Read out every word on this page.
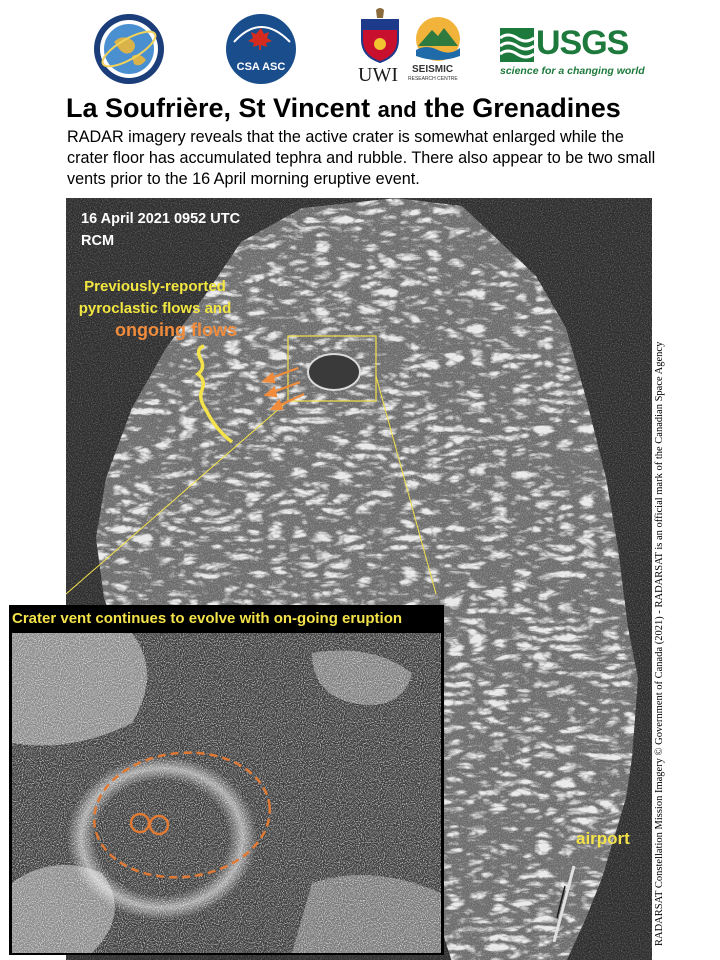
CSA ASC	UWI SEISMIC
RESEARCH CENTRE
USGS
science for a changing world
La Soufrière, St Vincent and the Grenadines
RADAR imagery reveals that the active crater is somewhat enlarged while the crater floor has accumulated tephra and rubble. There also appear to be two small vents prior to the 16 April morning eruptive event.
16 April 2021 0952 UTC
RCM
Previously-reported pyroclastic flows and
ongoing flows
airport RADARSAT Constellation Mission Imagery © Government of Canada (2021) - RADARSAT is an official mark of the Canadian Space Agency
Crater vent continues to evolve with on-going eruption
